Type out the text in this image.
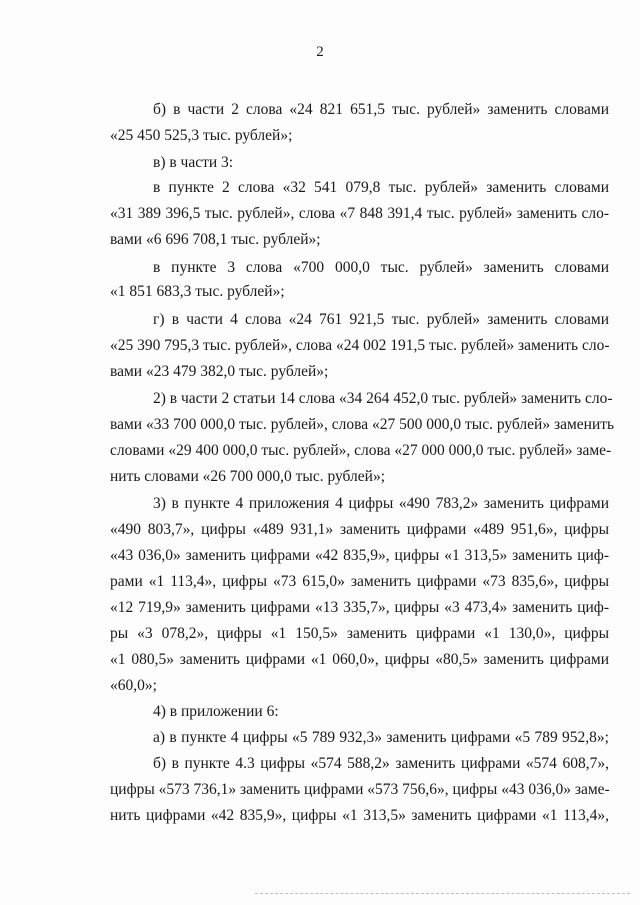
2
б) в части 2 слова «24 821 651,5 тыс. рублей» заменить словами
«25 450 525,3 тыс. рублей»;
в) в части 3:
в пункте 2 слова «32 541 079,8 тыс. рублей» заменить словами
«31 389 396,5 тыс. рублей», слова «7 848 391,4 тыс. рублей» заменить сло-
вами «6 696 708,1 тыс. рублей»;
в пункте 3 слова «700 000,0 тыс. рублей» заменить словами
«1 851 683,3 тыс. рублей»;
г) в части 4 слова «24 761 921,5 тыс. рублей» заменить словами
«25 390 795,3 тыс. рублей», слова «24 002 191,5 тыс. рублей» заменить сло-
вами «23 479 382,0 тыс. рублей»;
2) в части 2 статьи 14 слова «34 264 452,0 тыс. рублей» заменить сло-
вами «33 700 000,0 тыс. рублей», слова «27 500 000,0 тыс. рублей» заменить
словами «29 400 000,0 тыс. рублей», слова «27 000 000,0 тыс. рублей» заме-
нить словами «26 700 000,0 тыс. рублей»;
3) в пункте 4 приложения 4 цифры «490 783,2» заменить цифрами
«490 803,7», цифры «489 931,1» заменить цифрами «489 951,6», цифры
«43 036,0» заменить цифрами «42 835,9», цифры «1 313,5» заменить циф-
рами «1 113,4», цифры «73 615,0» заменить цифрами «73 835,6», цифры
«12 719,9» заменить цифрами «13 335,7», цифры «3 473,4» заменить циф-
ры «3 078,2», цифры «1 150,5» заменить цифрами «1 130,0», цифры
«1 080,5» заменить цифрами «1 060,0», цифры «80,5» заменить цифрами
«60,0»;
4) в приложении 6:
а) в пункте 4 цифры «5 789 932,3» заменить цифрами «5 789 952,8»;
б) в пункте 4.3 цифры «574 588,2» заменить цифрами «574 608,7»,
цифры «573 736,1» заменить цифрами «573 756,6», цифры «43 036,0» заме-
нить цифрами «42 835,9», цифры «1 313,5» заменить цифрами «1 113,4»,
